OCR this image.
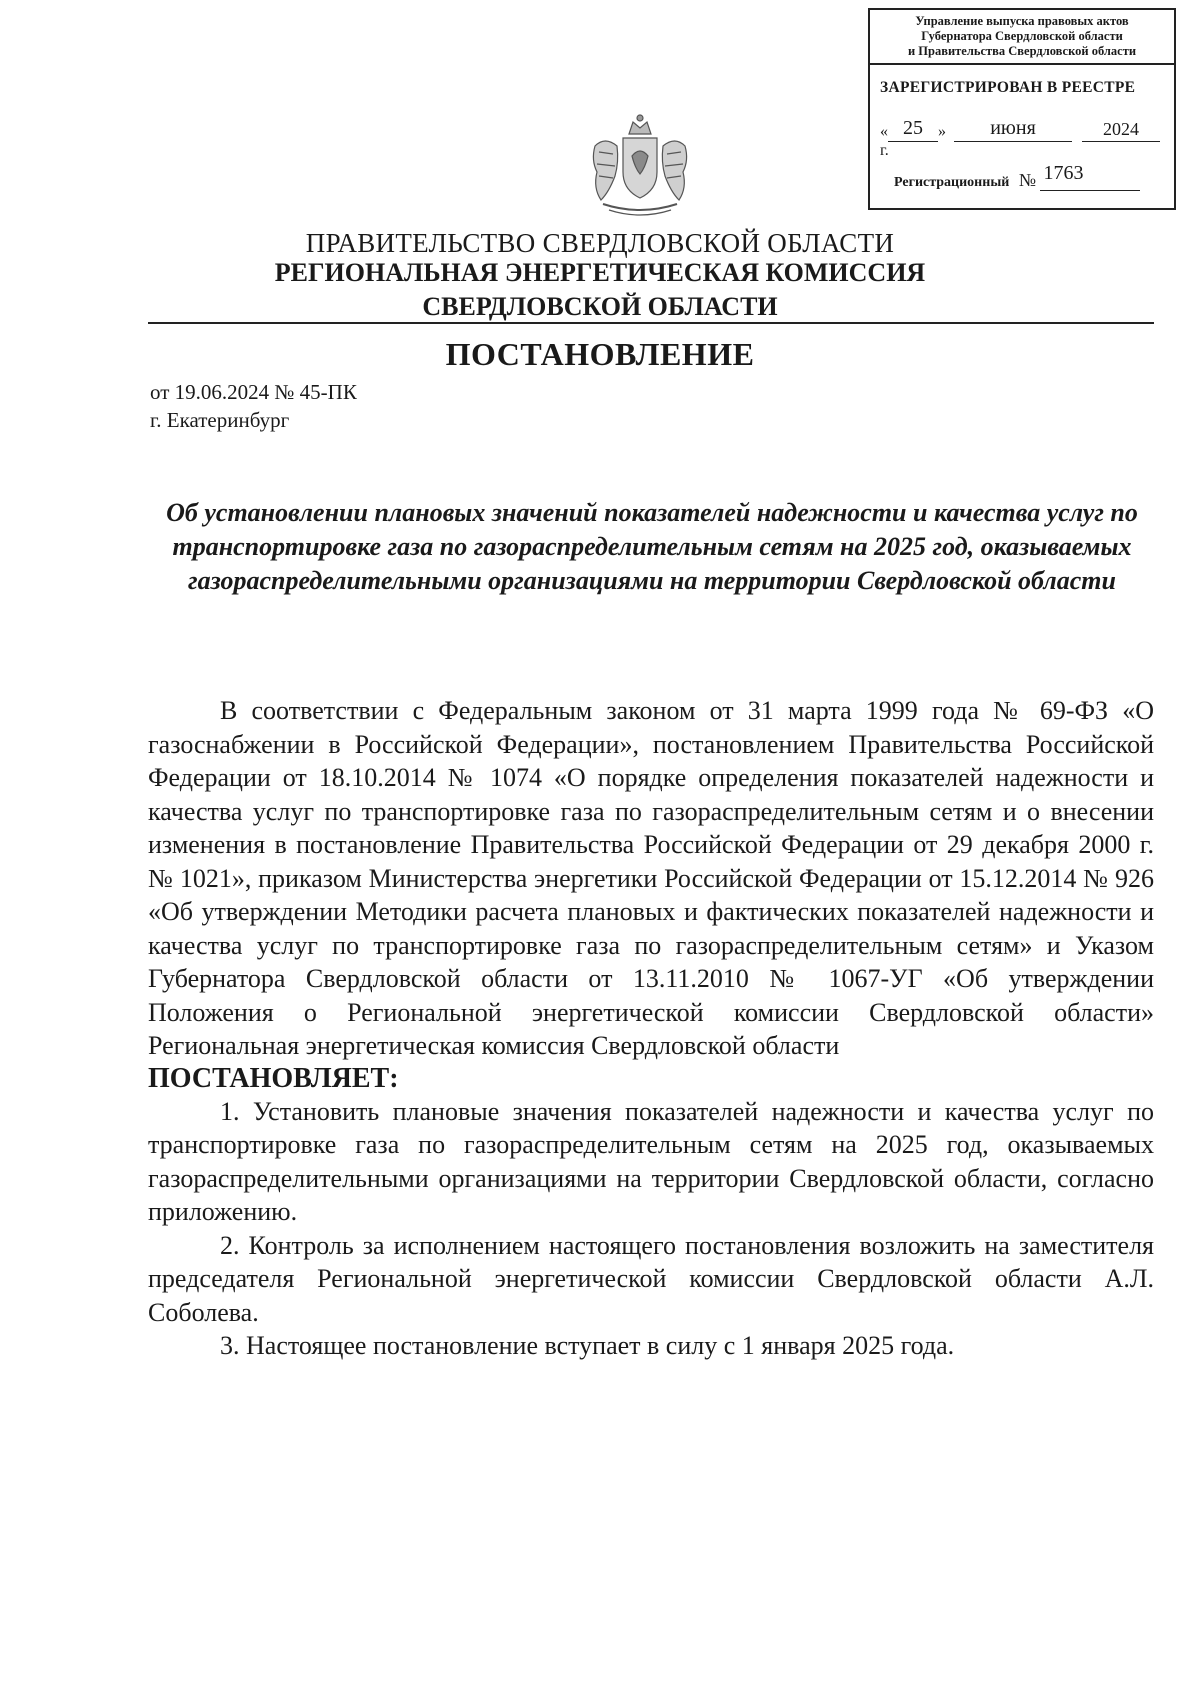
Управление выпуска правовых актов
Губернатора Свердловской области
и Правительства Свердловской области
ЗАРЕГИСТРИРОВАН В РЕЕСТРЕ
« 25 »	июня
	2024
г.
Регистрационный № 1763
ПРАВИТЕЛЬСТВО СВЕРДЛОВСКОЙ ОБЛАСТИ
РЕГИОНАЛЬНАЯ ЭНЕРГЕТИЧЕСКАЯ КОМИССИЯ
СВЕРДЛОВСКОЙ ОБЛАСТИ
ПОСТАНОВЛЕНИЕ
от 19.06.2024 № 45-ПК
г. Екатеринбург
Об установлении плановых значений показателей надежности и качества услуг по транспортировке газа по газораспределительным сетям на 2025 год, оказываемых газораспределительными организациями на территории Свердловской области

В соответствии с Федеральным законом от 31 марта 1999 года № 69-ФЗ «О газоснабжении в Российской Федерации», постановлением Правительства Российской Федерации от 18.10.2014 № 1074 «О порядке определения показателей надежности и качества услуг по транспортировке газа по газораспределительным сетям и о внесении изменения в постановление Правительства Российской Федерации от 29 декабря 2000 г. № 1021», приказом Министерства энергетики Российской Федерации от 15.12.2014 № 926 «Об утверждении Методики расчета плановых и фактических показателей надежности и качества услуг по транспортировке газа по газораспределительным сетям» и Указом Губернатора Свердловской области от 13.11.2010 № 1067-УГ «Об утверждении Положения о Региональной энергетической комиссии Свердловской области» Региональная энергетическая комиссия Свердловской области

ПОСТАНОВЛЯЕТ:

1. Установить плановые значения показателей надежности и качества услуг по транспортировке газа по газораспределительным сетям на 2025 год, оказываемых газораспределительными организациями на территории Свердловской области, согласно приложению.

2. Контроль за исполнением настоящего постановления возложить на заместителя председателя Региональной энергетической комиссии Свердловской области А.Л. Соболева.

3. Настоящее постановление вступает в силу с 1 января 2025 года.
